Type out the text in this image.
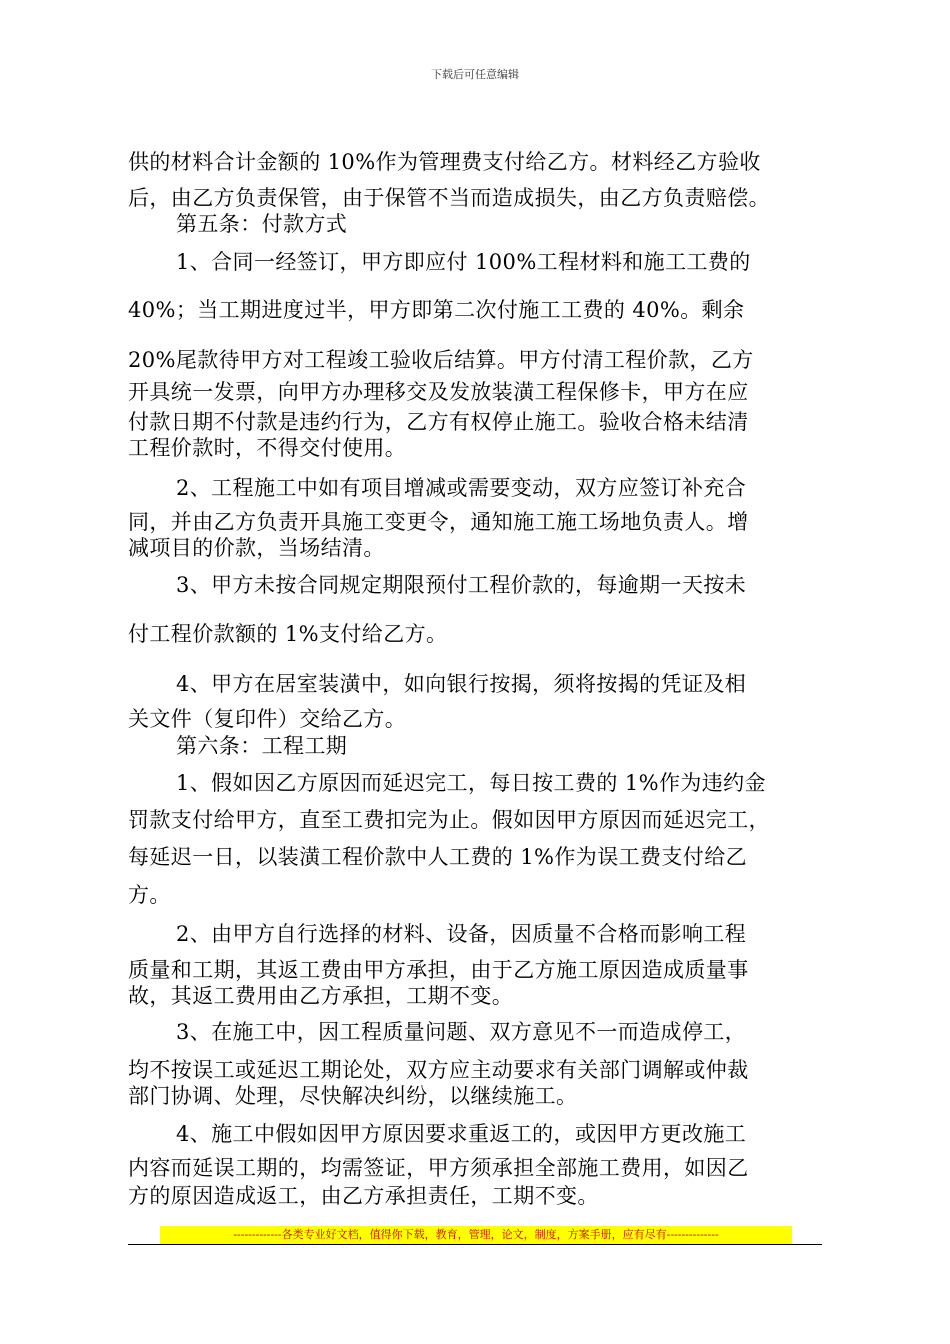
下载后可任意编辑
供的材料合计金额的 10%作为管理费支付给乙方。材料经乙方验收
后，由乙方负责保管，由于保管不当而造成损失，由乙方负责赔偿。
第五条：付款方式
1、合同一经签订，甲方即应付 100%工程材料和施工工费的
40%；当工期进度过半，甲方即第二次付施工工费的 40%。剩余
20%尾款待甲方对工程竣工验收后结算。甲方付清工程价款，乙方
开具统一发票，向甲方办理移交及发放装潢工程保修卡，甲方在应
付款日期不付款是违约行为，乙方有权停止施工。验收合格未结清
工程价款时，不得交付使用。
2、工程施工中如有项目增减或需要变动，双方应签订补充合
同，并由乙方负责开具施工变更令，通知施工施工场地负责人。增
减项目的价款，当场结清。
3、甲方未按合同规定期限预付工程价款的，每逾期一天按未
付工程价款额的 1%支付给乙方。
4、甲方在居室装潢中，如向银行按揭，须将按揭的凭证及相
关文件（复印件）交给乙方。
第六条：工程工期
1、假如因乙方原因而延迟完工，每日按工费的 1%作为违约金
罚款支付给甲方，直至工费扣完为止。假如因甲方原因而延迟完工，
每延迟一日，以装潢工程价款中人工费的 1%作为误工费支付给乙
方。
2、由甲方自行选择的材料、设备，因质量不合格而影响工程
质量和工期，其返工费由甲方承担，由于乙方施工原因造成质量事
故，其返工费用由乙方承担，工期不变。
3、在施工中，因工程质量问题、双方意见不一而造成停工，
均不按误工或延迟工期论处，双方应主动要求有关部门调解或仲裁
部门协调、处理，尽快解决纠纷，以继续施工。
4、施工中假如因甲方原因要求重返工的，或因甲方更改施工
内容而延误工期的，均需签证，甲方须承担全部施工费用，如因乙
方的原因造成返工，由乙方承担责任，工期不变。
-------------各类专业好文档，值得你下载，教育，管理，论文，制度，方案手册，应有尽有--------------
